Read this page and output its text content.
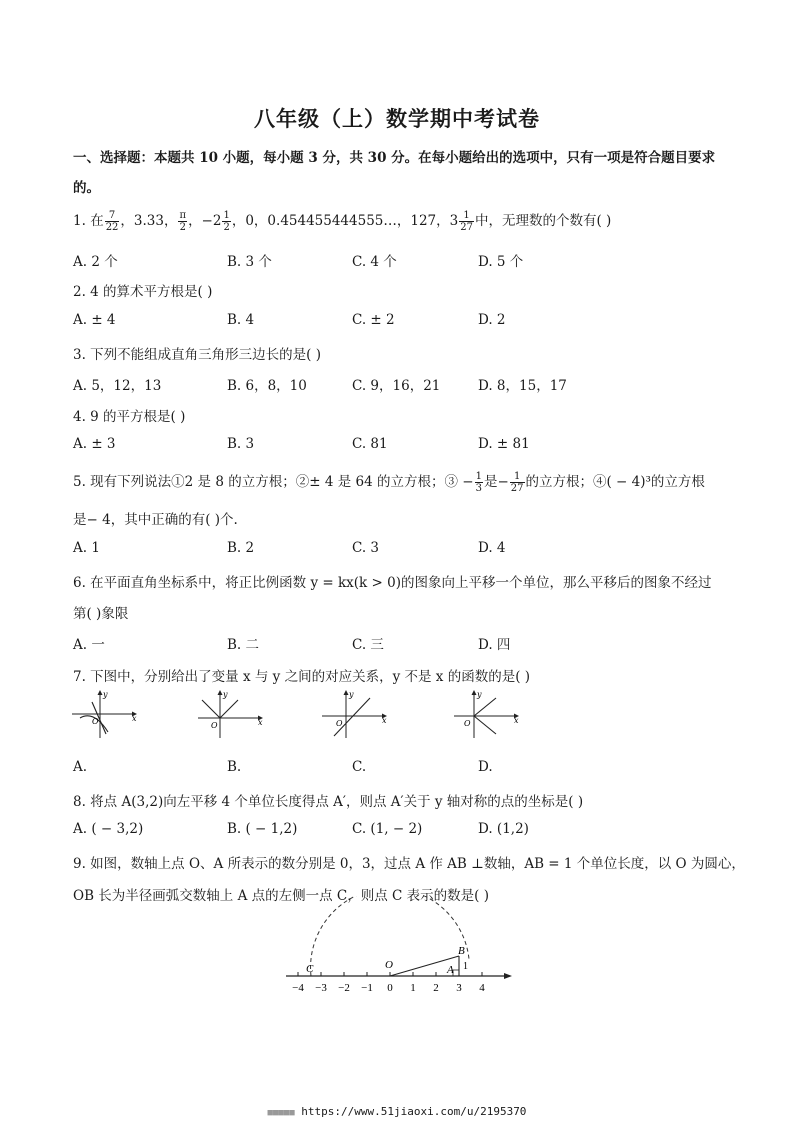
八年级（上）数学期中考试卷
一、选择题：本题共 10 小题，每小题 3 分，共 30 分。在每小题给出的选项中，只有一项是符合题目要求
的。
1. 在 $\frac{7}{22}$ ，3.33， $\frac{\pi}{2}$ ，$-2 \frac{1}{2}$ ，0，0.454455444555…，127，$3 \frac{1}{27}$ 中，无理数的个数有( )
A. 2 个	B. 3 个	C. 4 个	D. 5 个
2. 4 的算术平方根是( )
A. ± 4	B. 4	C. ± 2	D. 2
3. 下列不能组成直角三角形三边长的是( )
A. 5，12，13	B. 6，8，10	C. 9，16，21	D. 8，15，17
4. 9 的平方根是( )
A. ± 3	B. 3	C. 81	D. ± 81
5. 现有下列说法①2 是 8 的立方根；②± 4 是 64 的立方根；③ − $\frac{1}{3}$ 是− $\frac{1}{27}$ 的立方根；④( − 4)³的立方根
是− 4，其中正确的有( )个.
A. 1	B. 2	C. 3	D. 4
6. 在平面直角坐标系中，将正比例函数 y = kx(k > 0)的图象向上平移一个单位，那么平移后的图象不经过
第( )象限
A. 一	B. 二	C. 三	D. 四
7. 下图中，分别给出了变量 x 与 y 之间的对应关系，y 不是 x 的函数的是( )
y
x
O
y
x
O
y
x
O
y
x
O
A.	B.	C.	D.
8. 将点 A(3,2)向左平移 4 个单位长度得点 A′，则点 A′关于 y 轴对称的点的坐标是( )
A. ( − 3,2)	B. ( − 1,2)	C. (1, − 2)	D. (1,2)
9. 如图，数轴上点 O、A 所表示的数分别是 0，3，过点 A 作 AB ⊥数轴，AB = 1 个单位长度，以 O 为圆心，
OB 长为半径画弧交数轴上 A 点的左侧一点 C，则点 C 表示的数是( )
C	O	A
B
1
−4 −3 −2 −1 0 1 2 3 4
■■■■■ https://www.51jiaoxi.com/u/2195370
